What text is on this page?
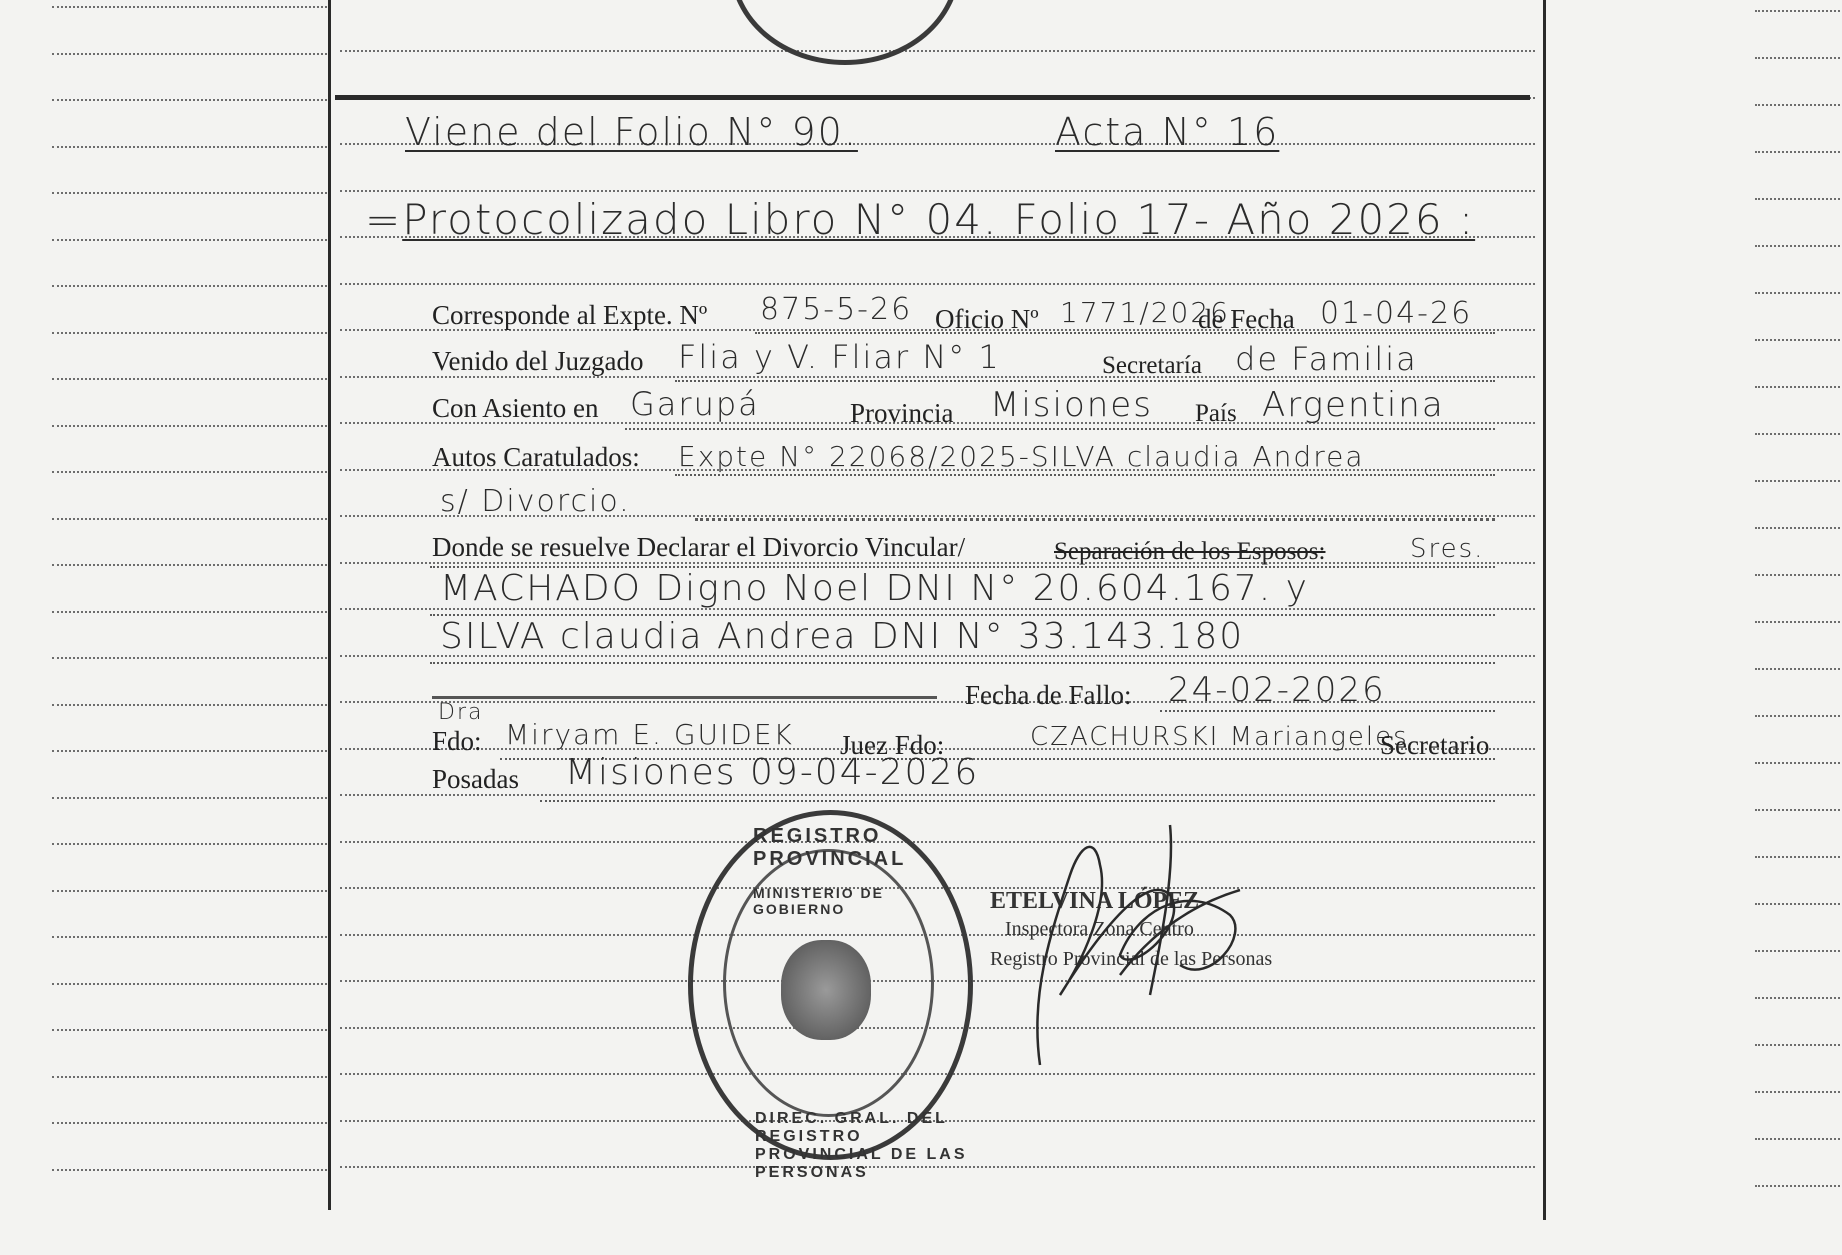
Viene del Folio N° 90.	Acta N° 16
=Protocolizado Libro N° 04. Folio 17- Año 2026 :
Corresponde al Expte. Nº 875-5-26 Oficio Nº 1771/2026
de Fecha 01-04-26
Venido del Juzgado Flia y V. Fliar N° 1	Secretaría de Familia
Con Asiento en Garupá	Provincia Misiones País Argentina
Autos Caratulados: Expte N° 22068/2025-SILVA claudia Andrea
s/ Divorcio.
Donde se resuelve Declarar el Divorcio Vincular/	Separación de los Esposos:	Sres.
MACHADO Digno Noel DNI N° 20.604.167. y
SILVA claudia Andrea DNI N° 33.143.180
Fecha de Fallo: 24-02-2026
Dra
Fdo: Miryam E. GUIDEK Juez Fdo:	CZACHURSKI Mariangeles
Secretario
Posadas Misiones 09-04-2026
REGISTRO PROVINCIAL
DIREC. GRAL. DEL REGISTRO PROVINCIAL DE LAS PERSONAS
MINISTERIO DE GOBIERNO	ETELVINA LÓPEZ
Inspectora Zona Centro
Registro Provincial de las Personas
